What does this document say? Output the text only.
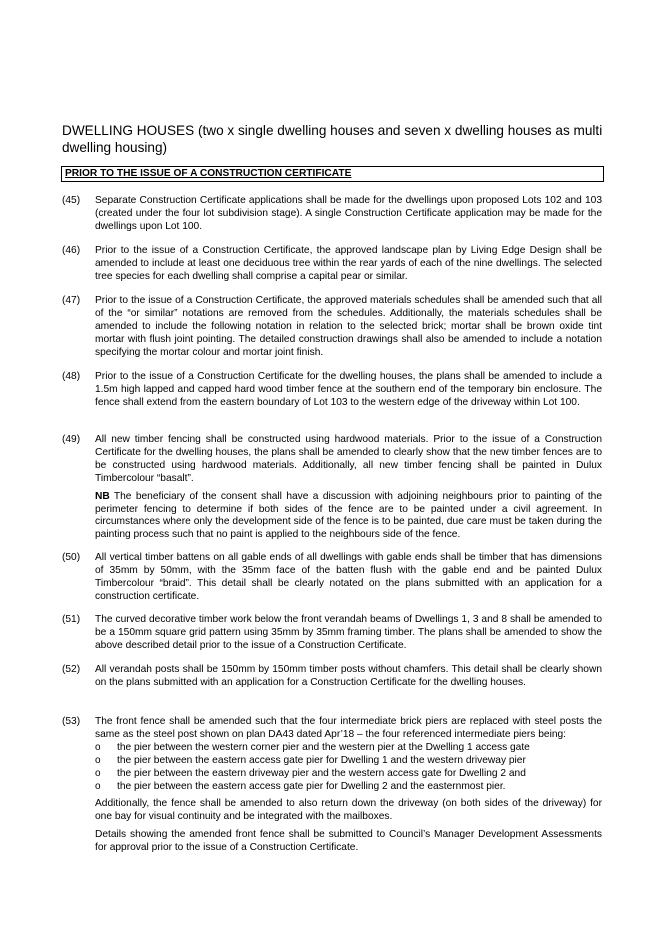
DWELLING HOUSES (two x single dwelling houses and seven x dwelling houses as multi dwelling housing)
PRIOR TO THE ISSUE OF A CONSTRUCTION CERTIFICATE
(45) Separate Construction Certificate applications shall be made for the dwellings upon proposed Lots 102 and 103 (created under the four lot subdivision stage). A single Construction Certificate application may be made for the dwellings upon Lot 100.

(46) Prior to the issue of a Construction Certificate, the approved landscape plan by Living Edge Design shall be amended to include at least one deciduous tree within the rear yards of each of the nine dwellings. The selected tree species for each dwelling shall comprise a capital pear or similar.

(47) Prior to the issue of a Construction Certificate, the approved materials schedules shall be amended such that all of the “or similar” notations are removed from the schedules. Additionally, the materials schedules shall be amended to include the following notation in relation to the selected brick; mortar shall be brown oxide tint mortar with flush joint pointing. The detailed construction drawings shall also be amended to include a notation specifying the mortar colour and mortar joint finish.

(48) Prior to the issue of a Construction Certificate for the dwelling houses, the plans shall be amended to include a 1.5m high lapped and capped hard wood timber fence at the southern end of the temporary bin enclosure. The fence shall extend from the eastern boundary of Lot 103 to the western edge of the driveway within Lot 100.

(49) All new timber fencing shall be constructed using hardwood materials. Prior to the issue of a Construction Certificate for the dwelling houses, the plans shall be amended to clearly show that the new timber fences are to be constructed using hardwood materials. Additionally, all new timber fencing shall be painted in Dulux Timbercolour “basalt”.

NB The beneficiary of the consent shall have a discussion with adjoining neighbours prior to painting of the perimeter fencing to determine if both sides of the fence are to be painted under a civil agreement. In circumstances where only the development side of the fence is to be painted, due care must be taken during the painting process such that no paint is applied to the neighbours side of the fence.

(50) All vertical timber battens on all gable ends of all dwellings with gable ends shall be timber that has dimensions of 35mm by 50mm, with the 35mm face of the batten flush with the gable end and be painted Dulux Timbercolour “braid”. This detail shall be clearly notated on the plans submitted with an application for a construction certificate.

(51) The curved decorative timber work below the front verandah beams of Dwellings 1, 3 and 8 shall be amended to be a 150mm square grid pattern using 35mm by 35mm framing timber. The plans shall be amended to show the above described detail prior to the issue of a Construction Certificate.

(52) All verandah posts shall be 150mm by 150mm timber posts without chamfers. This detail shall be clearly shown on the plans submitted with an application for a Construction Certificate for the dwelling houses.

(53) The front fence shall be amended such that the four intermediate brick piers are replaced with steel posts the same as the steel post shown on plan DA43 dated Apr’18 – the four referenced intermediate piers being:

o the pier between the western corner pier and the western pier at the Dwelling 1 access gate
o the pier between the eastern access gate pier for Dwelling 1 and the western driveway pier
o the pier between the eastern driveway pier and the western access gate for Dwelling 2 and
o the pier between the eastern access gate pier for Dwelling 2 and the easternmost pier.

Additionally, the fence shall be amended to also return down the driveway (on both sides of the driveway) for one bay for visual continuity and be integrated with the mailboxes.

Details showing the amended front fence shall be submitted to Council’s Manager Development Assessments for approval prior to the issue of a Construction Certificate.
